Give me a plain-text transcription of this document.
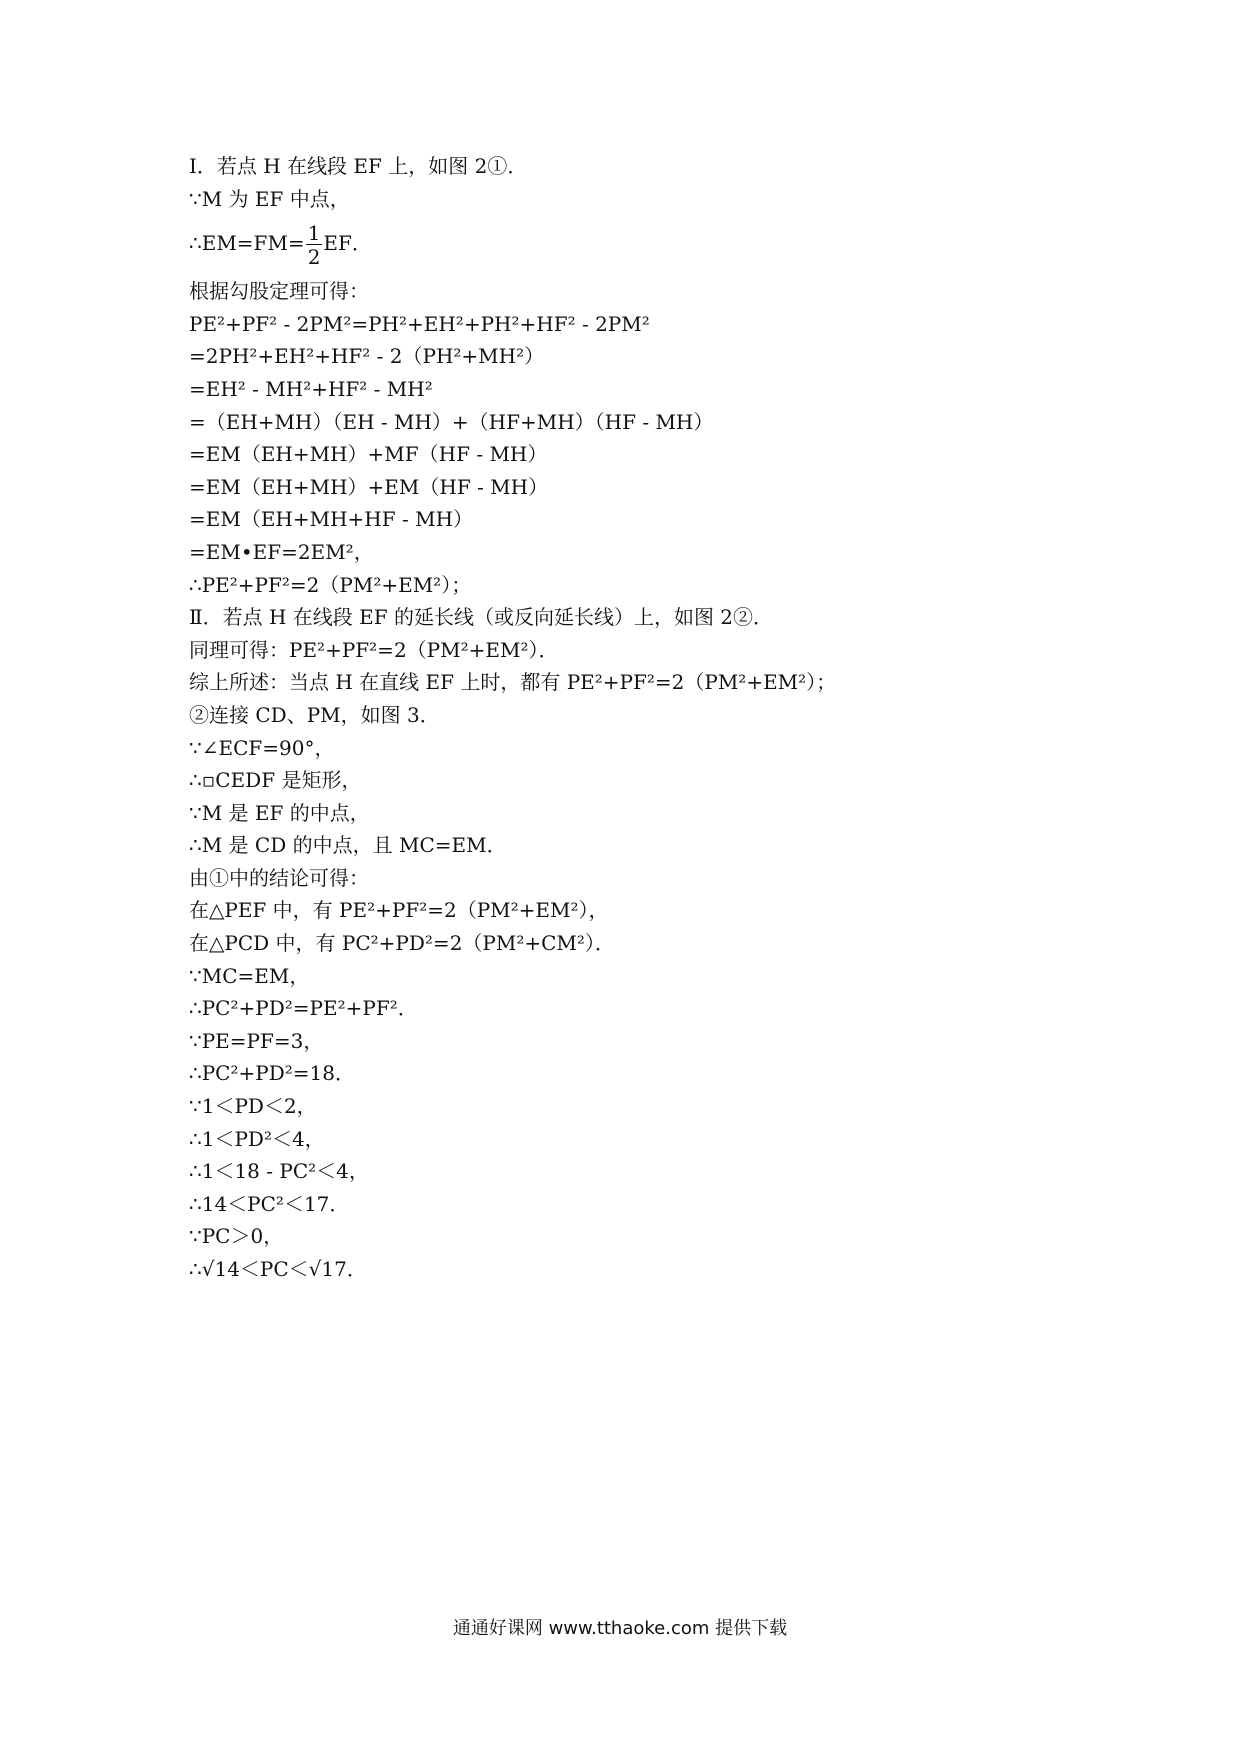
Ⅰ．若点 H 在线段 EF 上，如图 2①．
∵M 为 EF 中点，
∴EM=FM= $\frac{1}{2}$ EF．
根据勾股定理可得：
PE²+PF² - 2PM²=PH²+EH²+PH²+HF² - 2PM²
=2PH²+EH²+HF² - 2（PH²+MH²）
=EH² - MH²+HF² - MH²
=（EH+MH）（EH - MH）+（HF+MH）（HF - MH）
=EM（EH+MH）+MF（HF - MH）
=EM（EH+MH）+EM（HF - MH）
=EM（EH+MH+HF - MH）
=EM•EF=2EM²，
∴PE²+PF²=2（PM²+EM²）；
Ⅱ．若点 H 在线段 EF 的延长线（或反向延长线）上，如图 2②．
同理可得：PE²+PF²=2（PM²+EM²）．
综上所述：当点 H 在直线 EF 上时，都有 PE²+PF²=2（PM²+EM²）；
②连接 CD、PM，如图 3．
∵∠ECF=90°，
∴▫CEDF 是矩形，
∵M 是 EF 的中点，
∴M 是 CD 的中点，且 MC=EM．
由①中的结论可得：
在△PEF 中，有 PE²+PF²=2（PM²+EM²），
在△PCD 中，有 PC²+PD²=2（PM²+CM²）．
∵MC=EM，
∴PC²+PD²=PE²+PF²．
∵PE=PF=3，
∴PC²+PD²=18．
∵1＜PD＜2，
∴1＜PD²＜4，
∴1＜18 - PC²＜4，
∴14＜PC²＜17．
∵PC＞0，
∴√14＜PC＜√17．
通通好课网 www.tthaoke.com 提供下载
